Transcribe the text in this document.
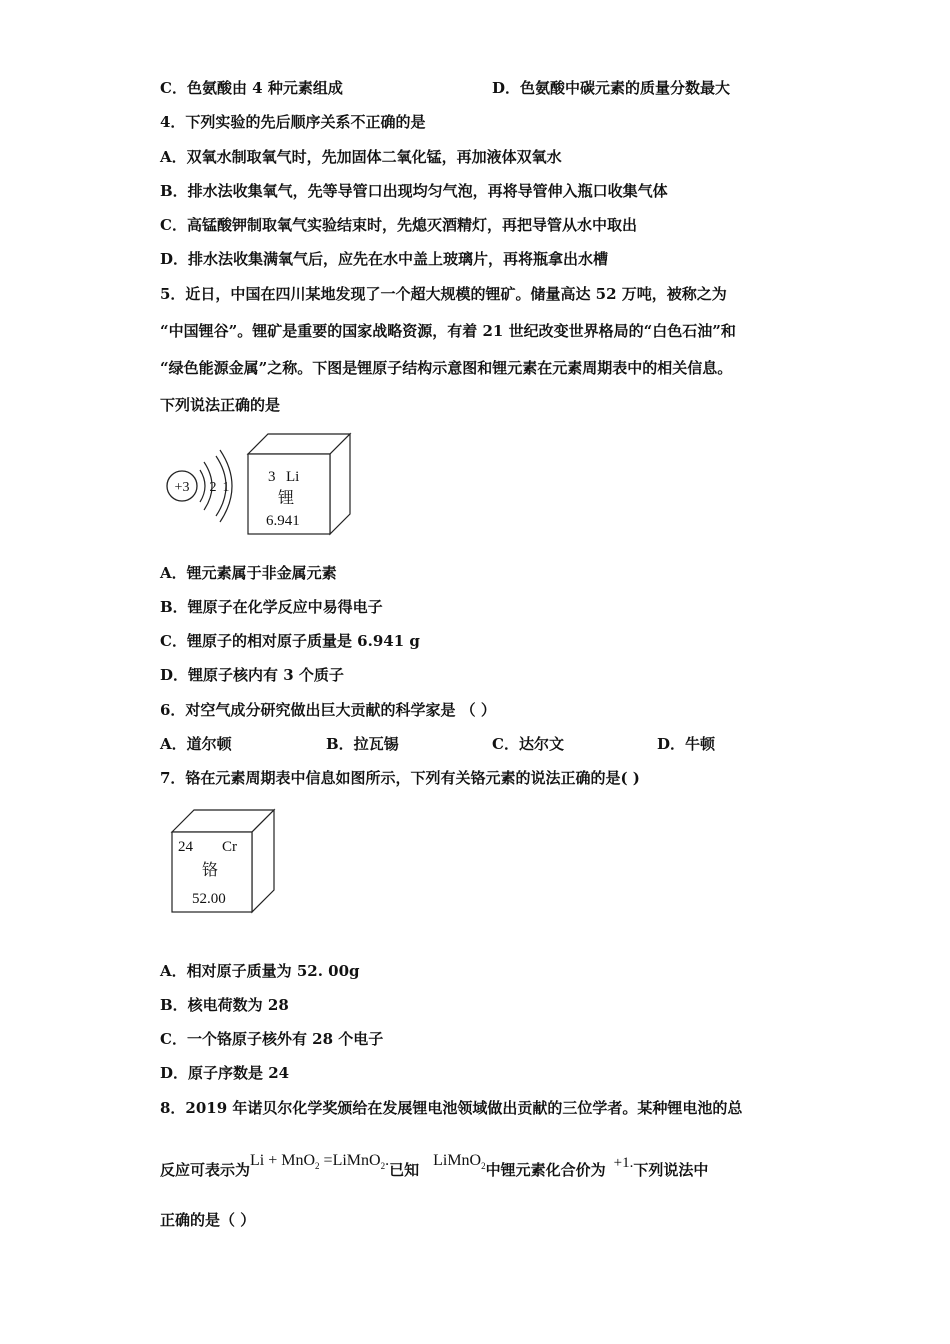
C．色氨酸由 4 种元素组成	D．色氨酸中碳元素的质量分数最大
4．下列实验的先后顺序关系不正确的是
A．双氧水制取氧气时，先加固体二氧化锰，再加液体双氧水
B．排水法收集氧气，先等导管口出现均匀气泡，再将导管伸入瓶口收集气体
C．高锰酸钾制取氧气实验结束时，先熄灭酒精灯，再把导管从水中取出
D．排水法收集满氧气后，应先在水中盖上玻璃片，再将瓶拿出水槽
5．近日，中国在四川某地发现了一个超大规模的锂矿。储量高达 52 万吨，被称之为
“中国锂谷”。锂矿是重要的国家战略资源，有着 21 世纪改变世界格局的“白色石油”和
“绿色能源金属”之称。下图是锂原子结构示意图和锂元素在元素周期表中的相关信息。
下列说法正确的是
+3 2 1
3 Li
锂
6.941
A．锂元素属于非金属元素
B．锂原子在化学反应中易得电子
C．锂原子的相对原子质量是 6.941 g
D．锂原子核内有 3 个质子
6．对空气成分研究做出巨大贡献的科学家是 （ ）
A．道尔顿	B．拉瓦锡	C．达尔文	D．牛顿
7．铬在元素周期表中信息如图所示，下列有关铬元素的说法正确的是( )
24 Cr
铬
52.00
A．相对原子质量为 52. 00g
B．核电荷数为 28
C．一个铬原子核外有 28 个电子
D．原子序数是 24
8．2019 年诺贝尔化学奖颁给在发展锂电池领域做出贡献的三位学者。某种锂电池的总
反应可表示为Li + MnO$_2$ =LiMnO$_2$.已知LiMnO$_2$中锂元素化合价为 +1.下列说法中
正确的是（ ）
